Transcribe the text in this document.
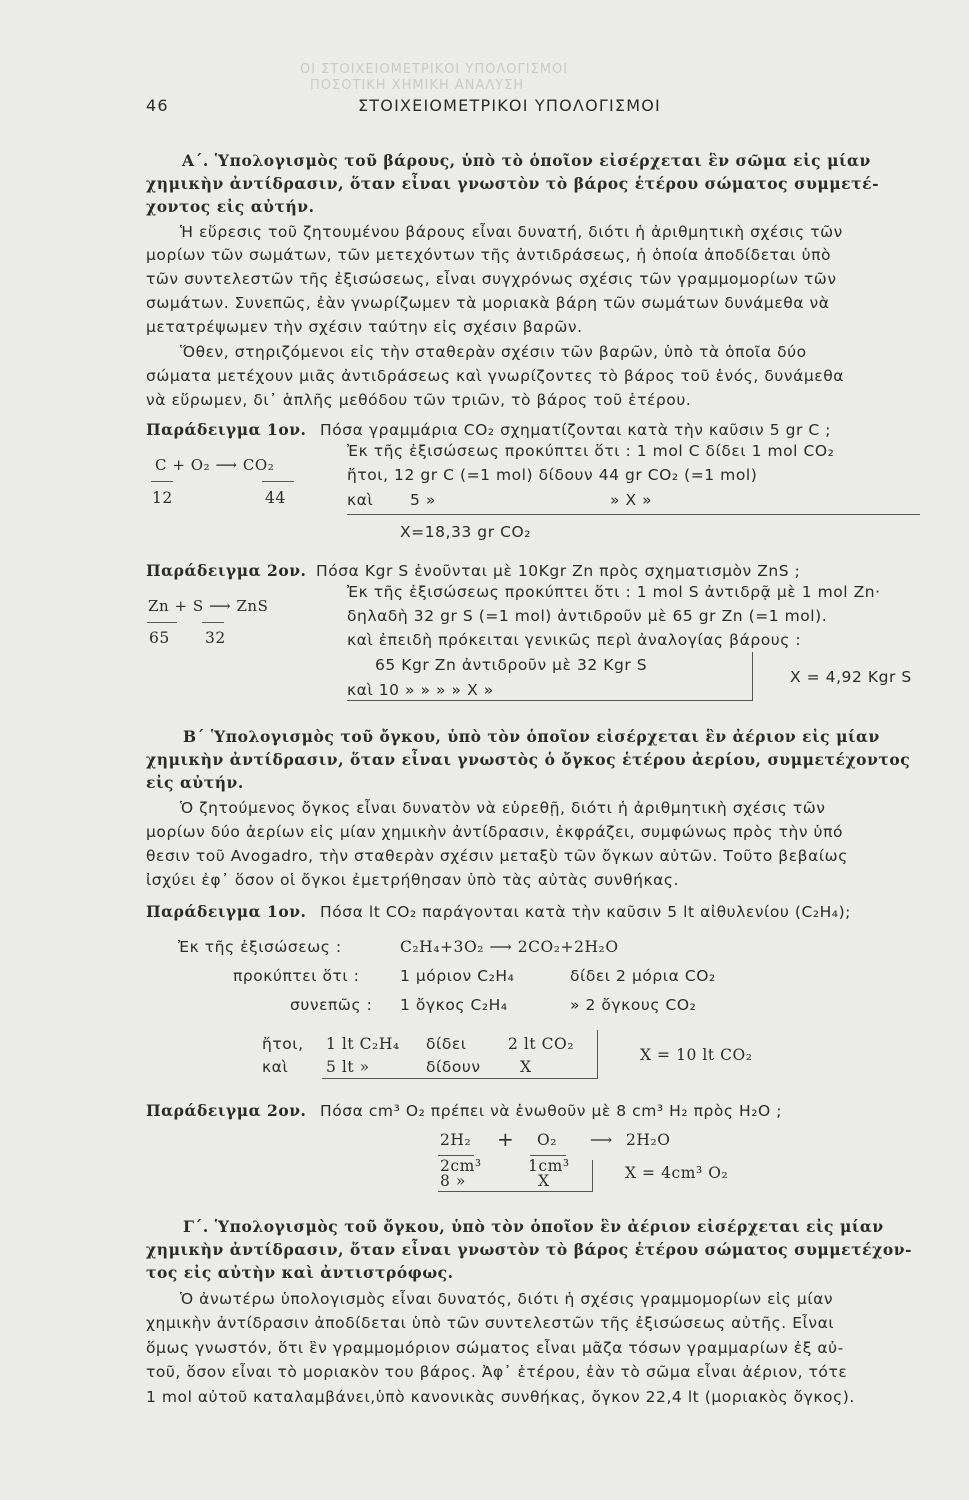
ΟΙ ΣΤΟΙΧΕΙΟΜΕΤΡΙΚΟΙ ΥΠΟΛΟΓΙΣΜΟΙ
ΠΟΣΟΤΙΚΗ ΧΗΜΙΚΗ ΑΝΑΛΥΣΗ
46	ΣΤΟΙΧΕΙΟΜΕΤΡΙΚΟΙ ΥΠΟΛΟΓΙΣΜΟΙ
Α΄. Ὑπολογισμὸς τοῦ βάρους, ὑπὸ τὸ ὁποῖον εἰσέρχεται ἓν σῶμα εἰς μίαν
χημικὴν ἀντίδρασιν, ὅταν εἶναι γνωστὸν τὸ βάρος ἑτέρου σώματος συμμετέ-
χοντος εἰς αὐτήν.
Ἡ εὕρεσις τοῦ ζητουμένου βάρους εἶναι δυνατή, διότι ἡ ἀριθμητικὴ σχέσις τῶν
μορίων τῶν σωμάτων, τῶν μετεχόντων τῆς ἀντιδράσεως, ἡ ὁποία ἀποδίδεται ὑπὸ
τῶν συντελεστῶν τῆς ἐξισώσεως, εἶναι συγχρόνως σχέσις τῶν γραμμομορίων τῶν
σωμάτων. Συνεπῶς, ἐὰν γνωρίζωμεν τὰ μοριακὰ βάρη τῶν σωμάτων δυνάμεθα νὰ
μετατρέψωμεν τὴν σχέσιν ταύτην εἰς σχέσιν βαρῶν.
Ὅθεν, στηριζόμενοι εἰς τὴν σταθερὰν σχέσιν τῶν βαρῶν, ὑπὸ τὰ ὁποῖα δύο
σώματα μετέχουν μιᾶς ἀντιδράσεως καὶ γνωρίζοντες τὸ βάρος τοῦ ἑνός, δυνάμεθα
νὰ εὕρωμεν, δι᾿ ἁπλῆς μεθόδου τῶν τριῶν, τὸ βάρος τοῦ ἑτέρου.
Παράδειγμα 1ον. Πόσα γραμμάρια CO₂ σχηματίζονται κατὰ τὴν καῦσιν 5 gr C ;
C + O₂ ⟶ CO₂
12	44
Ἐκ τῆς ἐξισώσεως προκύπτει ὅτι : 1 mol C δίδει 1 mol CO₂
ἤτοι, 12 gr C (=1 mol) δίδουν 44 gr CO₂ (=1 mol)
καὶ 5 »	» X »
X=18,33 gr CO₂
Παράδειγμα 2ον. Πόσα Kgr S ἑνοῦνται μὲ 10Kgr Zn πρὸς σχηματισμὸν ZnS ;
Zn + S ⟶ ZnS
65 32
Ἐκ τῆς ἐξισώσεως προκύπτει ὅτι : 1 mol S ἀντιδρᾷ μὲ 1 mol Zn·
δηλαδὴ 32 gr S (=1 mol) ἀντιδροῦν μὲ 65 gr Zn (=1 mol).
καὶ ἐπειδὴ πρόκειται γενικῶς περὶ ἀναλογίας βάρους :
65 Kgr Zn ἀντιδροῦν μὲ 32 Kgr S
καὶ 10 » » » » X »
X = 4,92 Kgr S
Β΄ Ὑπολογισμὸς τοῦ ὄγκου, ὑπὸ τὸν ὁποῖον εἰσέρχεται ἓν ἀέριον εἰς μίαν
χημικὴν ἀντίδρασιν, ὅταν εἶναι γνωστὸς ὁ ὄγκος ἑτέρου ἀερίου, συμμετέχοντος
εἰς αὐτήν.
Ὁ ζητούμενος ὄγκος εἶναι δυνατὸν νὰ εὑρεθῇ, διότι ἡ ἀριθμητικὴ σχέσις τῶν
μορίων δύο ἀερίων εἰς μίαν χημικὴν ἀντίδρασιν, ἐκφράζει, συμφώνως πρὸς τὴν ὑπό
θεσιν τοῦ Avogadro, τὴν σταθερὰν σχέσιν μεταξὺ τῶν ὄγκων αὐτῶν. Τοῦτο βεβαίως
ἰσχύει ἐφ᾿ ὅσον οἱ ὄγκοι ἐμετρήθησαν ὑπὸ τὰς αὐτὰς συνθήκας.
Παράδειγμα 1ον. Πόσα lt CO₂ παράγονται κατὰ τὴν καῦσιν 5 lt αἰθυλενίου (C₂H₄);
Ἐκ τῆς ἐξισώσεως :	C₂H₄+3O₂ ⟶ 2CO₂+2H₂O
προκύπτει ὅτι :	1 μόριον C₂H₄	δίδει 2 μόρια CO₂
συνεπῶς : 1 ὄγκος C₂H₄	» 2 ὄγκους CO₂
ἤτοι, 1 lt C₂H₄ δίδει	2 lt CO₂
καὶ 5 lt »	δίδουν	X
X = 10 lt CO₂
Παράδειγμα 2ον. Πόσα cm³ O₂ πρέπει νὰ ἑνωθοῦν μὲ 8 cm³ H₂ πρὸς H₂O ;
2H₂ + O₂ ⟶ 2H₂O
2cm³	1cm³
8 »	X	X = 4cm³ O₂
Γ΄. Ὑπολογισμὸς τοῦ ὄγκου, ὑπὸ τὸν ὁποῖον ἓν ἀέριον εἰσέρχεται εἰς μίαν
χημικὴν ἀντίδρασιν, ὅταν εἶναι γνωστὸν τὸ βάρος ἑτέρου σώματος συμμετέχον-
τος εἰς αὐτὴν καὶ ἀντιστρόφως.
Ὁ ἀνωτέρω ὑπολογισμὸς εἶναι δυνατός, διότι ἡ σχέσις γραμμομορίων εἰς μίαν
χημικὴν ἀντίδρασιν ἀποδίδεται ὑπὸ τῶν συντελεστῶν τῆς ἐξισώσεως αὐτῆς. Εἶναι
ὅμως γνωστόν, ὅτι ἓν γραμμομόριον σώματος εἶναι μᾶζα τόσων γραμμαρίων ἐξ αὐ-
τοῦ, ὅσον εἶναι τὸ μοριακὸν του βάρος. Ἀφ᾿ ἑτέρου, ἐὰν τὸ σῶμα εἶναι ἀέριον, τότε
1 mol αὐτοῦ καταλαμβάνει,ὑπὸ κανονικὰς συνθήκας, ὄγκον 22,4 lt (μοριακὸς ὄγκος).
